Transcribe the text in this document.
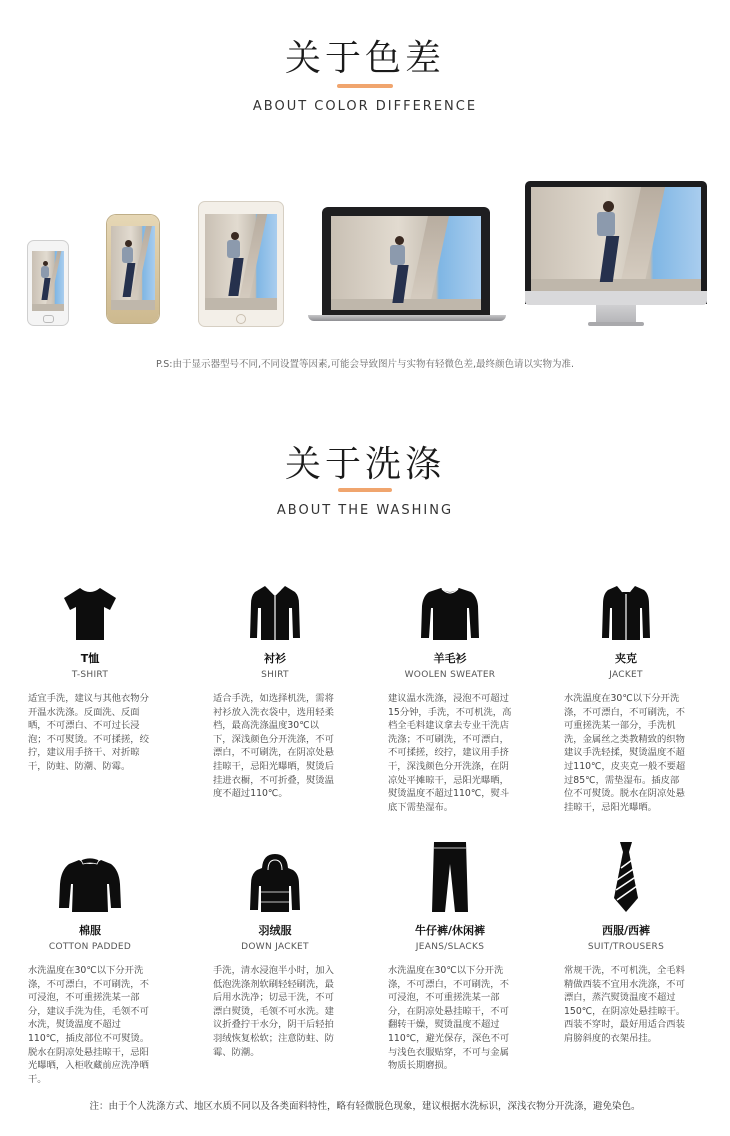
关于色差
ABOUT COLOR DIFFERENCE
P.S:由于显示器型号不同,不同设置等因素,可能会导致图片与实物有轻微色差,最终颜色请以实物为准.
关于洗涤
ABOUT THE WASHING
T恤
T-SHIRT
适宜手洗，建议与其他衣物分开温水洗涤。反面洗、反面晒，不可漂白、不可过长浸泡；不可熨烫。不可揉搓，绞拧，建议用手挤干、对折晾干，防蛀、防潮、防霉。
衬衫
SHIRT
适合手洗，如选择机洗，需将衬衫放入洗衣袋中，选用轻柔档，最高洗涤温度30℃以下，深浅颜色分开洗涤，不可漂白，不可刷洗，在阴凉处悬挂晾干，忌阳光曝晒，熨烫后挂进衣橱，不可折叠，熨烫温度不超过110℃。
羊毛衫
WOOLEN SWEATER
建议温水洗涤，浸泡不可超过15分钟，手洗，不可机洗，高档全毛料建议拿去专业干洗店洗涤；不可刷洗，不可漂白，不可揉搓，绞拧，建议用手挤干，深浅颜色分开洗涤，在阴凉处平摊晾干，忌阳光曝晒，熨烫温度不超过110℃，熨斗底下需垫湿布。
夹克
JACKET
水洗温度在30℃以下分开洗涤，不可漂白，不可刷洗，不可重搓洗某一部分，手洗机洗，金属丝之类教精致的织物建议手洗轻揉，熨烫温度不超过110℃，皮夹克一般不要超过85℃，需垫湿布。插皮部位不可熨烫。脱水在阴凉处悬挂晾干，忌阳光曝晒。
棉服
COTTON PADDED
水洗温度在30℃以下分开洗涤，不可漂白，不可刷洗，不可浸泡，不可重搓洗某一部分，建议手洗为佳，毛领不可水洗，熨烫温度不超过110℃，插皮部位不可熨烫。脱水在阴凉处悬挂晾干，忌阳光曝晒，入柜收藏前应洗净晒干。
羽绒服
DOWN JACKET
手洗，清水浸泡半小时，加入低泡洗涤剂软刷轻轻刷洗，最后用水洗净；切忌干洗，不可漂白熨烫，毛领不可水洗。建议折叠拧干水分，阴干后轻拍羽绒恢复松软；注意防蛀、防霉、防潮。
牛仔裤/休闲裤
JEANS/SLACKS
水洗温度在30℃以下分开洗涤，不可漂白，不可刷洗，不可浸泡，不可重搓洗某一部分，在阴凉处悬挂晾干，不可翻转干燥，熨烫温度不超过110℃，避光保存，深色不可与浅色衣服贴穿，不可与金属物质长期磨损。
西服/西裤
SUIT/TROUSERS
常规干洗，不可机洗，全毛料精做西装不宜用水洗涤，不可漂白，蒸汽熨烫温度不超过150℃，在阴凉处悬挂晾干。西装不穿时，最好用适合西装肩膀斜度的衣架吊挂。
注：由于个人洗涤方式、地区水质不同以及各类面料特性，略有轻微脱色现象，建议根据水洗标识，深浅衣物分开洗涤，避免染色。
